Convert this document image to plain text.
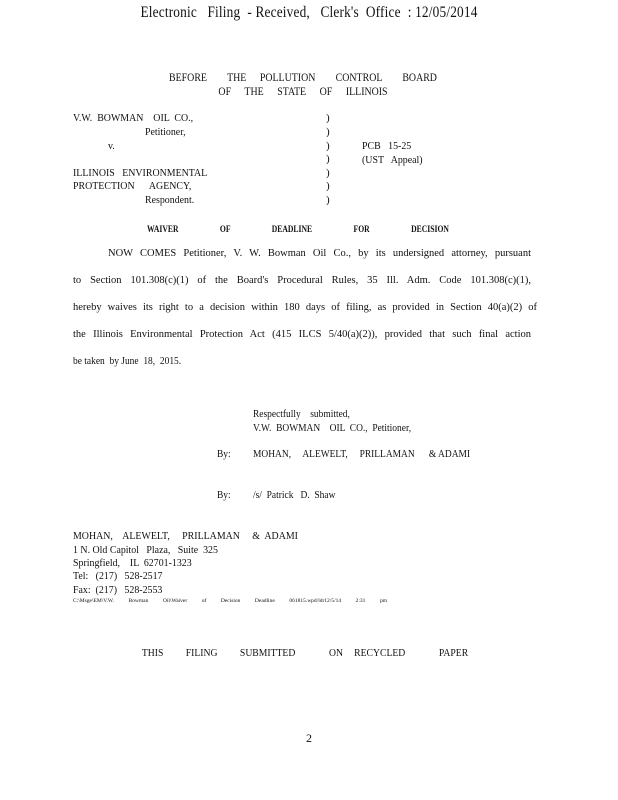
Electronic   Filing  - Received,   Clerk's  Office  : 12/05/2014
BEFORE   THE  POLLUTION   CONTROL   BOARD
OF  THE  STATE  OF  ILLINOIS
V.W.  BOWMAN    OIL  CO.,
Petitioner,
v.
ILLINOIS   ENVIRONMENTAL
PROTECTION      AGENCY,
Respondent.
)
)
)
)
)
)
)
PCB   15-25
(UST   Appeal)
WAIVER   OF   DEADLINE   FOR   DECISION
NOW COMES Petitioner, V. W. Bowman Oil Co., by its undersigned attorney, pursuant
to Section 101.308(c)(1) of the Board's Procedural Rules, 35 Ill. Adm. Code 101.308(c)(1),
hereby waives its right to a decision within 180 days of filing, as provided in Section 40(a)(2) of
the Illinois Environmental Protection Act (415 ILCS 5/40(a)(2)), provided that such final action
be taken  by June  18,  2015.
Respectfully    submitted,
V.W.  BOWMAN    OIL  CO.,  Petitioner,
By: MOHAN,     ALEWELT,     PRILLAMAN      & ADAMI
By: /s/  Patrick   D.  Shaw
MOHAN,    ALEWELT,     PRILLAMAN     &  ADAMI
1 N. Old Capitol   Plaza,   Suite  325
Springfield,    IL  62701-1323
Tel:   (217)   528-2517
Fax:  (217)   528-2553
C:\Msge\EM\V.W. Bowman Oil\Waiver of Decision Deadline 061815.wpd/ldr12/5/14 2:31 pm
THIS  FILING  SUBMITTED   ON RECYCLED   PAPER
2
